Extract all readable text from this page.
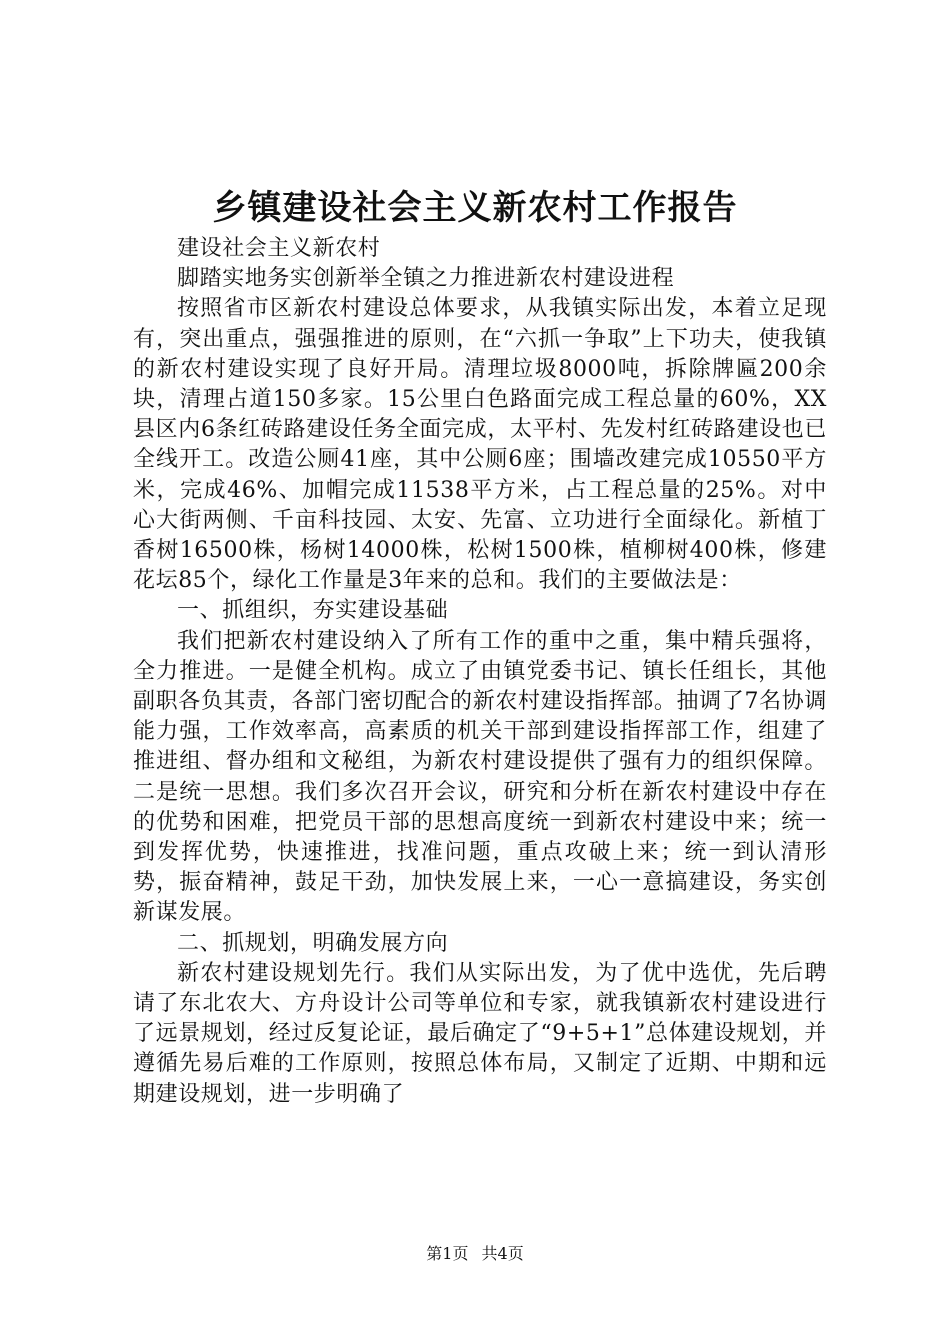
乡镇建设社会主义新农村工作报告

建设社会主义新农村

脚踏实地务实创新举全镇之力推进新农村建设进程

按照省市区新农村建设总体要求，从我镇实际出发，本着立足现有，突出重点，强强推进的原则，在“六抓一争取”上下功夫，使我镇的新农村建设实现了良好开局。清理垃圾8000吨，拆除牌匾200余块，清理占道150多家。15公里白色路面完成工程总量的60%，XX县区内6条红砖路建设任务全面完成，太平村、先发村红砖路建设也已全线开工。改造公厕41座，其中公厕6座；围墙改建完成10550平方米，完成46%、加帽完成11538平方米，占工程总量的25%。对中心大街两侧、千亩科技园、太安、先富、立功进行全面绿化。新植丁香树16500株，杨树14000株，松树1500株，植柳树400株，修建花坛85个，绿化工作量是3年来的总和。我们的主要做法是：

一、抓组织，夯实建设基础

我们把新农村建设纳入了所有工作的重中之重，集中精兵强将，全力推进。一是健全机构。成立了由镇党委书记、镇长任组长，其他副职各负其责，各部门密切配合的新农村建设指挥部。抽调了7名协调能力强，工作效率高，高素质的机关干部到建设指挥部工作，组建了推进组、督办组和文秘组，为新农村建设提供了强有力的组织保障。二是统一思想。我们多次召开会议，研究和分析在新农村建设中存在的优势和困难，把党员干部的思想高度统一到新农村建设中来；统一到发挥优势，快速推进，找准问题，重点攻破上来；统一到认清形势，振奋精神，鼓足干劲，加快发展上来，一心一意搞建设，务实创新谋发展。

二、抓规划，明确发展方向

新农村建设规划先行。我们从实际出发，为了优中选优，先后聘请了东北农大、方舟设计公司等单位和专家，就我镇新农村建设进行了远景规划，经过反复论证，最后确定了“9+5+1”总体建设规划，并遵循先易后难的工作原则，按照总体布局，又制定了近期、中期和远期建设规划，进一步明确了

第1页 共4页
